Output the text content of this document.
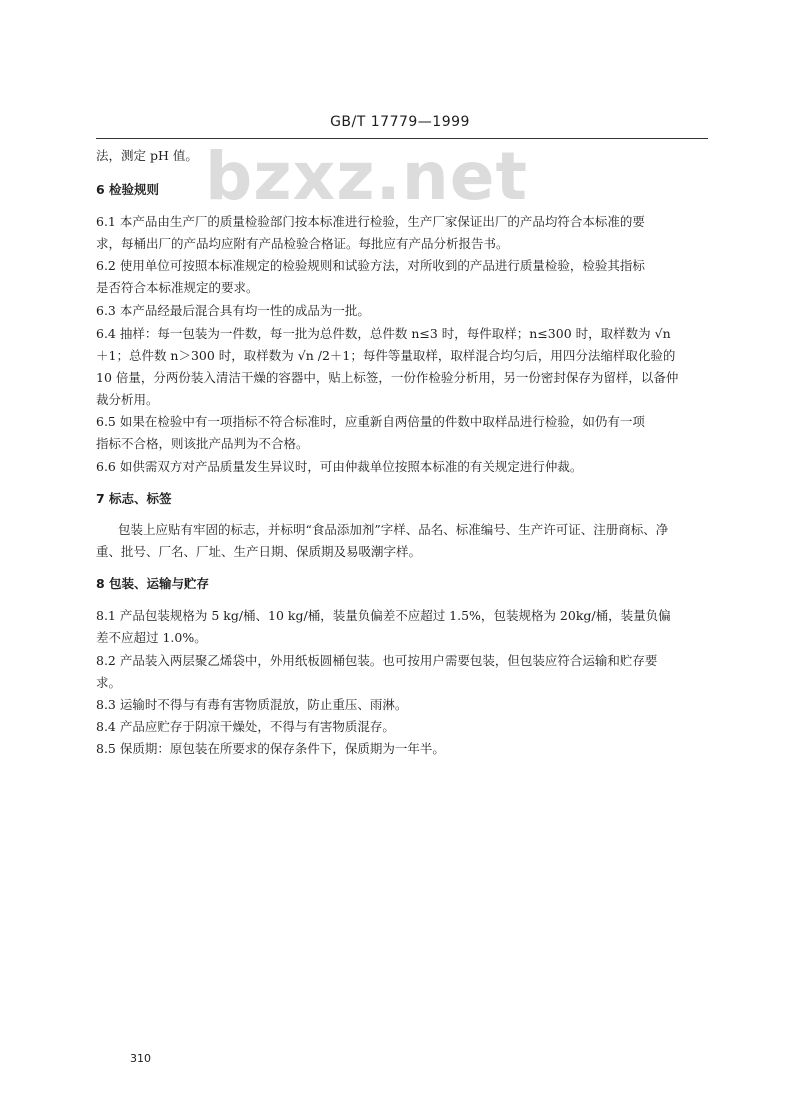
bzxz.net
GB/T 17779—1999
法，测定 pH 值。
6 检验规则
6.1 本产品由生产厂的质量检验部门按本标准进行检验，生产厂家保证出厂的产品均符合本标准的要
求，每桶出厂的产品均应附有产品检验合格证。每批应有产品分析报告书。
6.2 使用单位可按照本标准规定的检验规则和试验方法，对所收到的产品进行质量检验，检验其指标
是否符合本标准规定的要求。
6.3 本产品经最后混合具有均一性的成品为一批。
6.4 抽样：每一包装为一件数，每一批为总件数，总件数 n≤3 时，每件取样；n≤300 时，取样数为 √n
＋1；总件数 n＞300 时，取样数为 √n /2＋1；每件等量取样，取样混合均匀后，用四分法缩样取化验的
10 倍量，分两份装入清洁干燥的容器中，贴上标签，一份作检验分析用，另一份密封保存为留样，以备仲
裁分析用。
6.5 如果在检验中有一项指标不符合标准时，应重新自两倍量的件数中取样品进行检验，如仍有一项
指标不合格，则该批产品判为不合格。
6.6 如供需双方对产品质量发生异议时，可由仲裁单位按照本标准的有关规定进行仲裁。
7 标志、标签
包装上应贴有牢固的标志，并标明“食品添加剂”字样、品名、标准编号、生产许可证、注册商标、净
重、批号、厂名、厂址、生产日期、保质期及易吸潮字样。
8 包装、运输与贮存
8.1 产品包装规格为 5 kg/桶、10 kg/桶，装量负偏差不应超过 1.5%，包装规格为 20kg/桶，装量负偏
差不应超过 1.0%。
8.2 产品装入两层聚乙烯袋中，外用纸板圆桶包装。也可按用户需要包装，但包装应符合运输和贮存要
求。
8.3 运输时不得与有毒有害物质混放，防止重压、雨淋。
8.4 产品应贮存于阴凉干燥处，不得与有害物质混存。
8.5 保质期：原包装在所要求的保存条件下，保质期为一年半。
310
